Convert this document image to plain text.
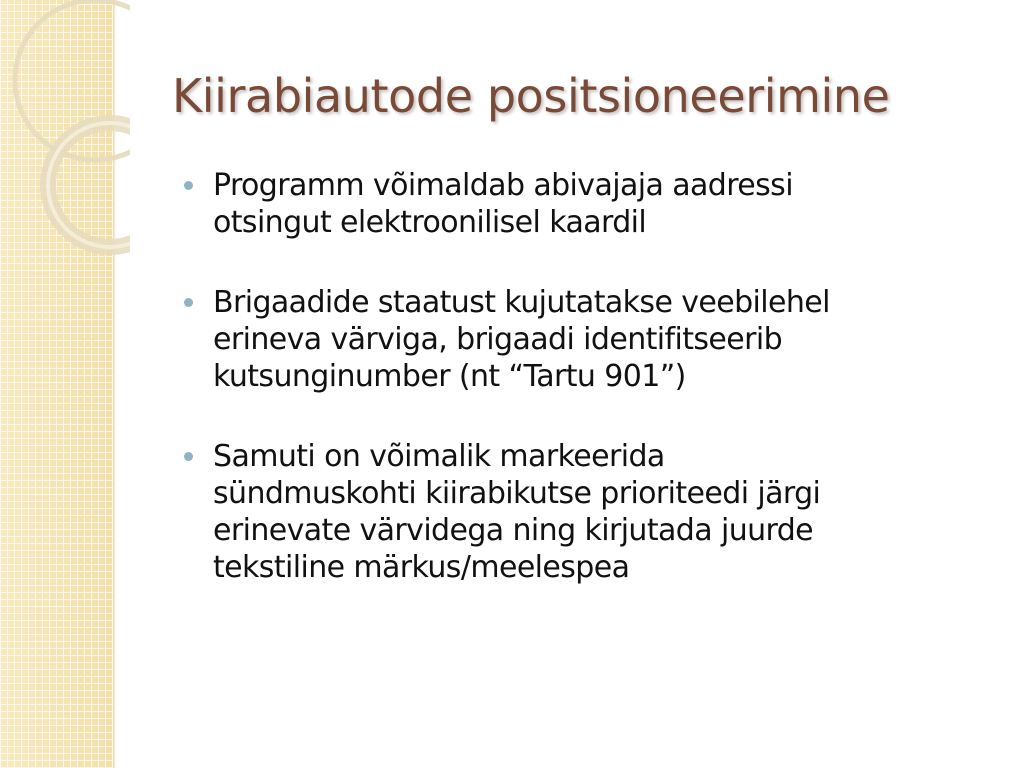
Kiirabiautode positsioneerimine
Programm võimaldab abivajaja aadressi
otsingut elektroonilisel kaardil
Brigaadide staatust kujutatakse veebilehel
erineva värviga, brigaadi identifitseerib
kutsunginumber (nt “Tartu 901”)
Samuti on võimalik markeerida
sündmuskohti kiirabikutse prioriteedi järgi
erinevate värvidega ning kirjutada juurde
tekstiline märkus/meelespea
